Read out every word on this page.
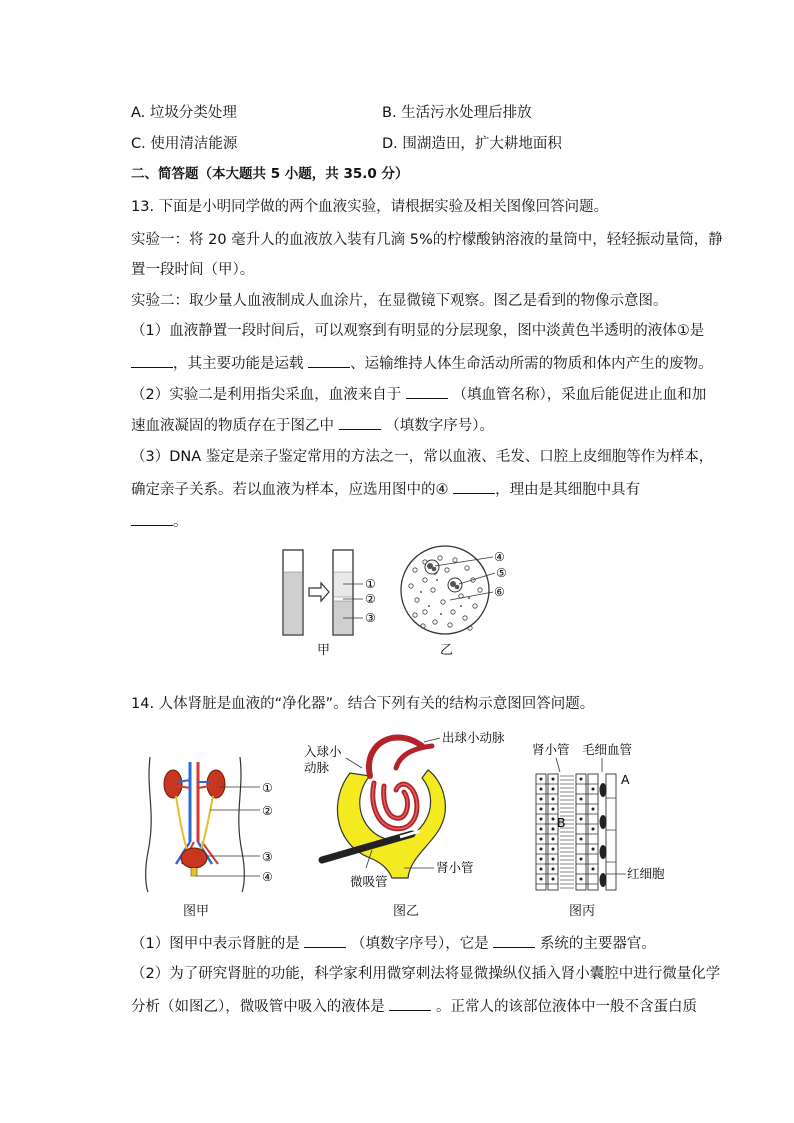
A. 垃圾分类处理	B. 生活污水处理后排放
C. 使用清洁能源	D. 围湖造田，扩大耕地面积
二、简答题（本大题共 5 小题，共 35.0 分）
13. 下面是小明同学做的两个血液实验，请根据实验及相关图像回答问题。
实验一：将 20 毫升人的血液放入装有几滴 5%的柠檬酸钠溶液的量筒中，轻轻振动量筒，静
置一段时间（甲）。
实验二：取少量人血液制成人血涂片，在显微镜下观察。图乙是看到的物像示意图。
（1）血液静置一段时间后，可以观察到有明显的分层现象，图中淡黄色半透明的液体①是
，其主要功能是运载	、运输维持人体生命活动所需的物质和体内产生的废物。
（2）实验二是利用指尖采血，血液来自于	（填血管名称），采血后能促进止血和加
速血液凝固的物质存在于图乙中	（填数字序号）。
（3）DNA 鉴定是亲子鉴定常用的方法之一，常以血液、毛发、口腔上皮细胞等作为样本，
确定亲子关系。若以血液为样本，应选用图中的④	，理由是其细胞中具有
。
①
②
③
④
⑤
⑥
甲	乙
14. 人体肾脏是血液的“净化器”。结合下列有关的结构示意图回答问题。
①
②
③
④
图甲
入球小
动脉
出球小动脉
肾小管
微吸管
图乙
肾小管 毛细血管
A
B
红细胞
图丙
（1）图甲中表示肾脏的是	（填数字序号），它是	系统的主要器官。
（2）为了研究肾脏的功能，科学家利用微穿刺法将显微操纵仪插入肾小囊腔中进行微量化学
分析（如图乙），微吸管中吸入的液体是	。正常人的该部位液体中一般不含蛋白质
